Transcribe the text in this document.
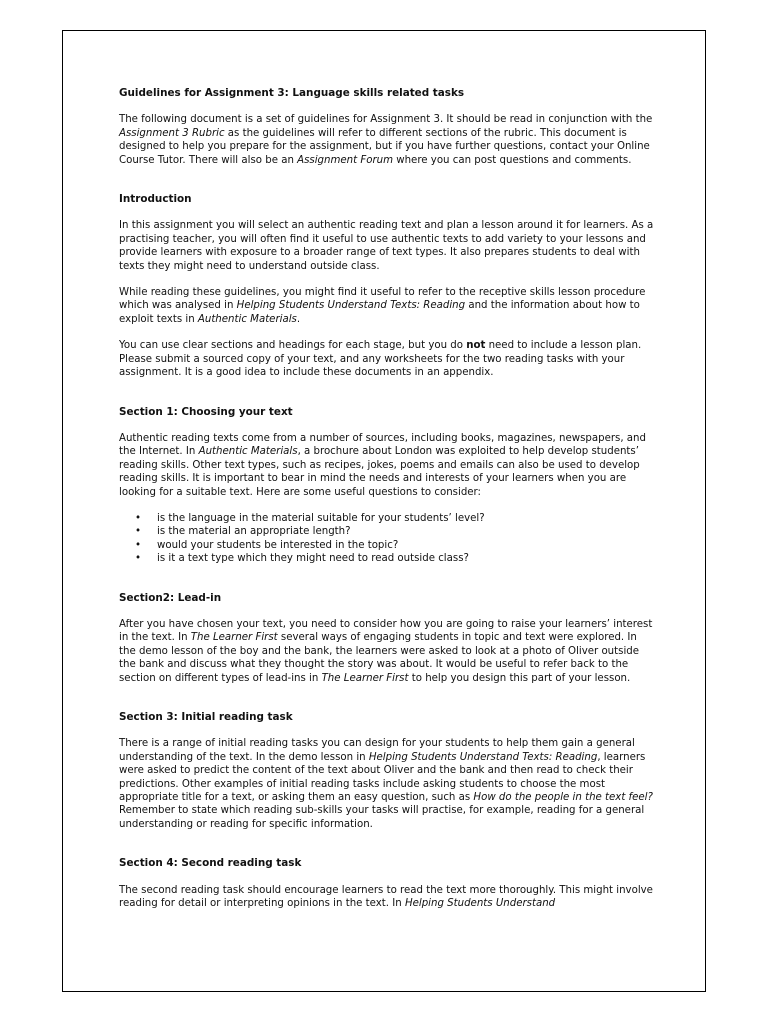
Guidelines for Assignment 3: Language skills related tasks

The following document is a set of guidelines for Assignment 3. It should be read in conjunction with the Assignment 3 Rubric as the guidelines will refer to different sections of the rubric. This document is designed to help you prepare for the assignment, but if you have further questions, contact your Online Course Tutor. There will also be an Assignment Forum where you can post questions and comments.

Introduction

In this assignment you will select an authentic reading text and plan a lesson around it for learners. As a practising teacher, you will often find it useful to use authentic texts to add variety to your lessons and provide learners with exposure to a broader range of text types. It also prepares students to deal with texts they might need to understand outside class.

While reading these guidelines, you might find it useful to refer to the receptive skills lesson procedure which was analysed in Helping Students Understand Texts: Reading and the information about how to exploit texts in Authentic Materials.

You can use clear sections and headings for each stage, but you do not need to include a lesson plan. Please submit a sourced copy of your text, and any worksheets for the two reading tasks with your assignment. It is a good idea to include these documents in an appendix.

Section 1: Choosing your text

Authentic reading texts come from a number of sources, including books, magazines, newspapers, and the Internet. In Authentic Materials, a brochure about London was exploited to help develop students’ reading skills. Other text types, such as recipes, jokes, poems and emails can also be used to develop reading skills. It is important to bear in mind the needs and interests of your learners when you are looking for a suitable text. Here are some useful questions to consider:

• is the language in the material suitable for your students’ level?
• is the material an appropriate length?
• would your students be interested in the topic?
• is it a text type which they might need to read outside class?
Section2: Lead-in

After you have chosen your text, you need to consider how you are going to raise your learners’ interest in the text. In The Learner First several ways of engaging students in topic and text were explored. In the demo lesson of the boy and the bank, the learners were asked to look at a photo of Oliver outside the bank and discuss what they thought the story was about. It would be useful to refer back to the section on different types of lead-ins in The Learner First to help you design this part of your lesson.

Section 3: Initial reading task

There is a range of initial reading tasks you can design for your students to help them gain a general understanding of the text. In the demo lesson in Helping Students Understand Texts: Reading, learners were asked to predict the content of the text about Oliver and the bank and then read to check their predictions. Other examples of initial reading tasks include asking students to choose the most appropriate title for a text, or asking them an easy question, such as How do the people in the text feel? Remember to state which reading sub-skills your tasks will practise, for example, reading for a general understanding or reading for specific information.

Section 4: Second reading task

The second reading task should encourage learners to read the text more thoroughly. This might involve reading for detail or interpreting opinions in the text. In Helping Students Understand
